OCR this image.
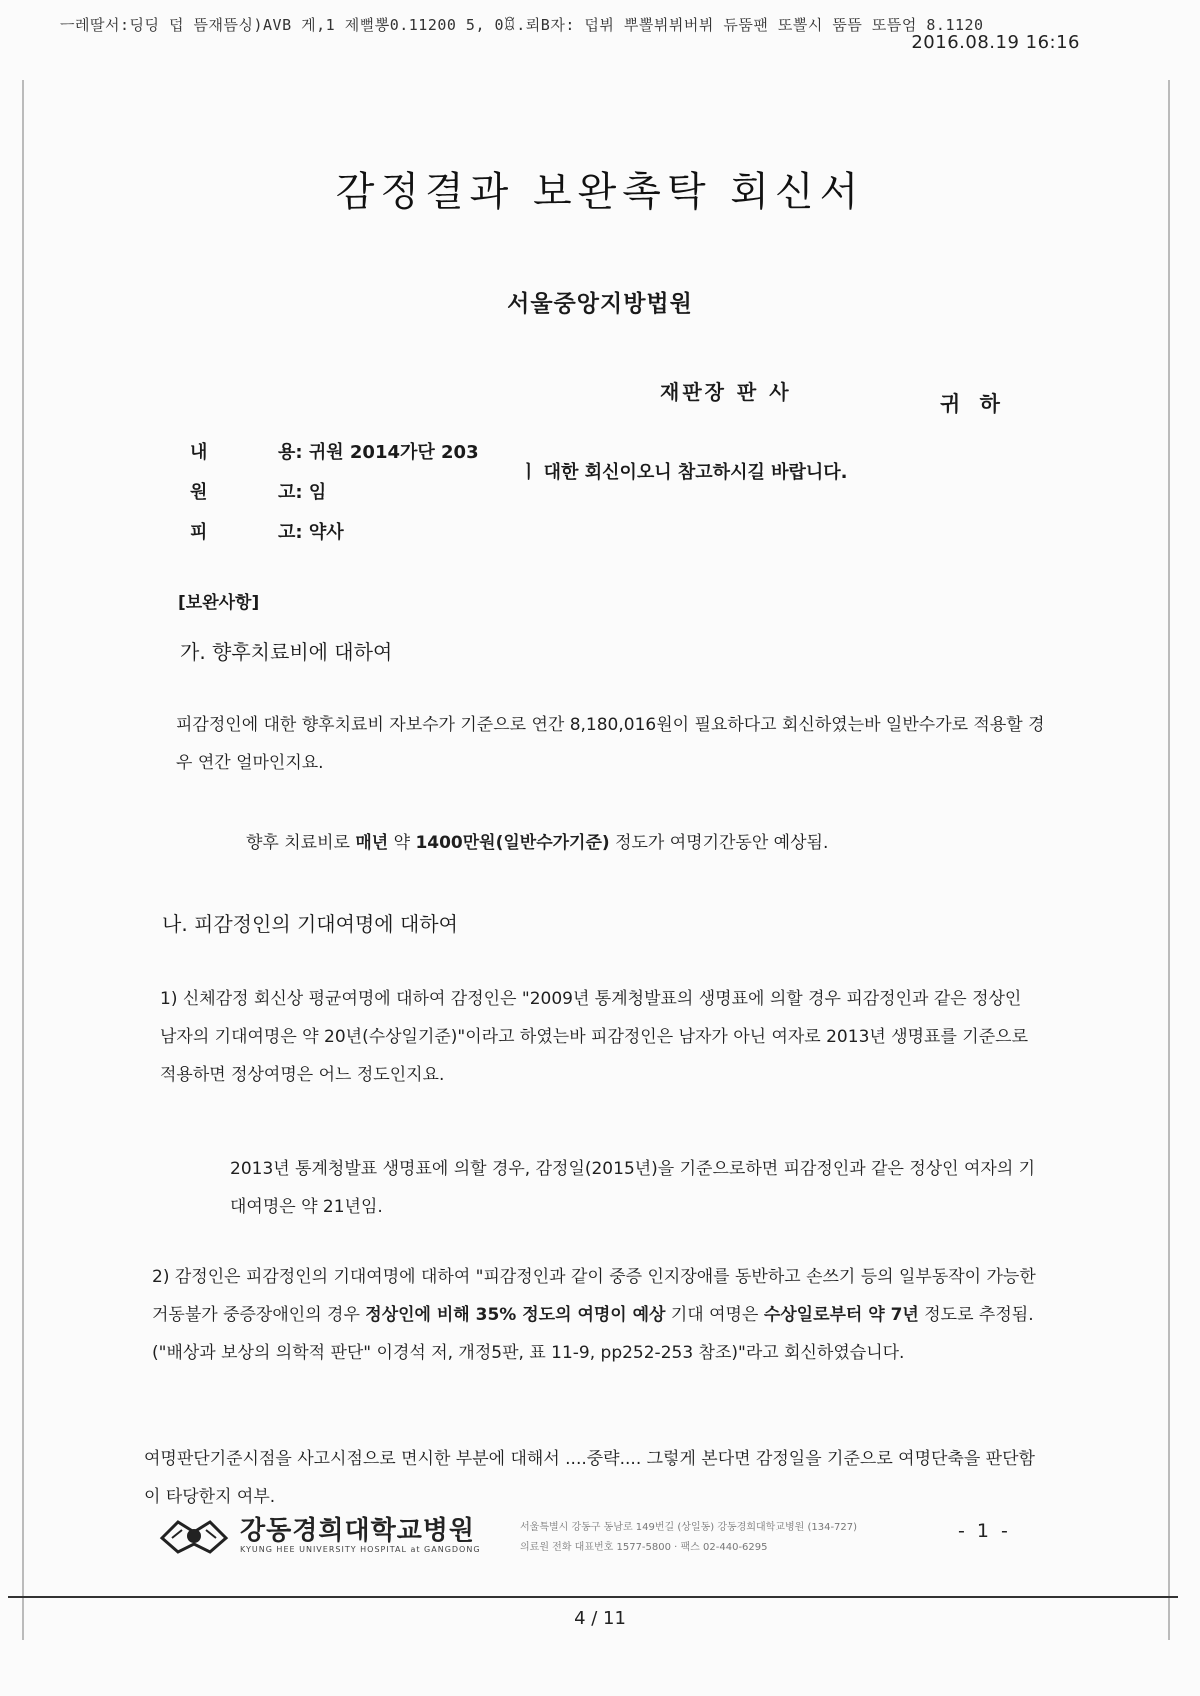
ㅡ레딸서:딩딩 덥 뜸재뜸싱)AVB 게,1 제뻘뽕0.11200 5, 0ꏨ.뢰B자: 덥뷔 뿌뽈뷔뷔버뷔 듀뚬팬 또뽈시 뚬뜸 또뜸엄 8.1120
2016.08.19 16:16
감정결과 보완촉탁 회신서
서울중앙지방법원
재판장 판 사	귀 하
내	용: 귀원 2014가단 203
ㅣ 대한 회신이오니 참고하시길 바랍니다.
원	고: 임
피	고: 약사
[보완사항]
가. 향후치료비에 대하여
피감정인에 대한 향후치료비 자보수가 기준으로 연간 8,180,016원이 필요하다고 회신하였는바 일반수가로 적용할 경우 연간 얼마인지요.
향후 치료비로 매년 약 1400만원(일반수가기준) 정도가 여명기간동안 예상됨.
나. 피감정인의 기대여명에 대하여
1) 신체감정 회신상 평균여명에 대하여 감정인은 "2009년 통계청발표의 생명표에 의할 경우 피감정인과 같은 정상인 남자의 기대여명은 약 20년(수상일기준)"이라고 하였는바 피감정인은 남자가 아닌 여자로 2013년 생명표를 기준으로 적용하면 정상여명은 어느 정도인지요.
2013년 통계청발표 생명표에 의할 경우, 감정일(2015년)을 기준으로하면 피감정인과 같은 정상인 여자의 기대여명은 약 21년임.
2) 감정인은 피감정인의 기대여명에 대하여 "피감정인과 같이 중증 인지장애를 동반하고 손쓰기 등의 일부동작이 가능한 거동불가 중증장애인의 경우 정상인에 비해 35% 정도의 여명이 예상 기대 여명은 수상일로부터 약 7년 정도로 추정됨. ("배상과 보상의 의학적 판단" 이경석 저, 개정5판, 표 11-9, pp252-253 참조)"라고 회신하였습니다.
여명판단기준시점을 사고시점으로 면시한 부분에 대해서 ....중략.... 그렇게 본다면 감정일을 기준으로 여명단축을 판단함이 타당한지 여부.
강동경희대학교병원
KYUNG HEE UNIVERSITY HOSPITAL at GANGDONG
서울특별시 강동구 동남로 149번길 (상일동) 강동경희대학교병원 (134-727)
의료원 전화 대표번호 1577-5800 · 팩스 02-440-6295
- 1 -
4 / 11
